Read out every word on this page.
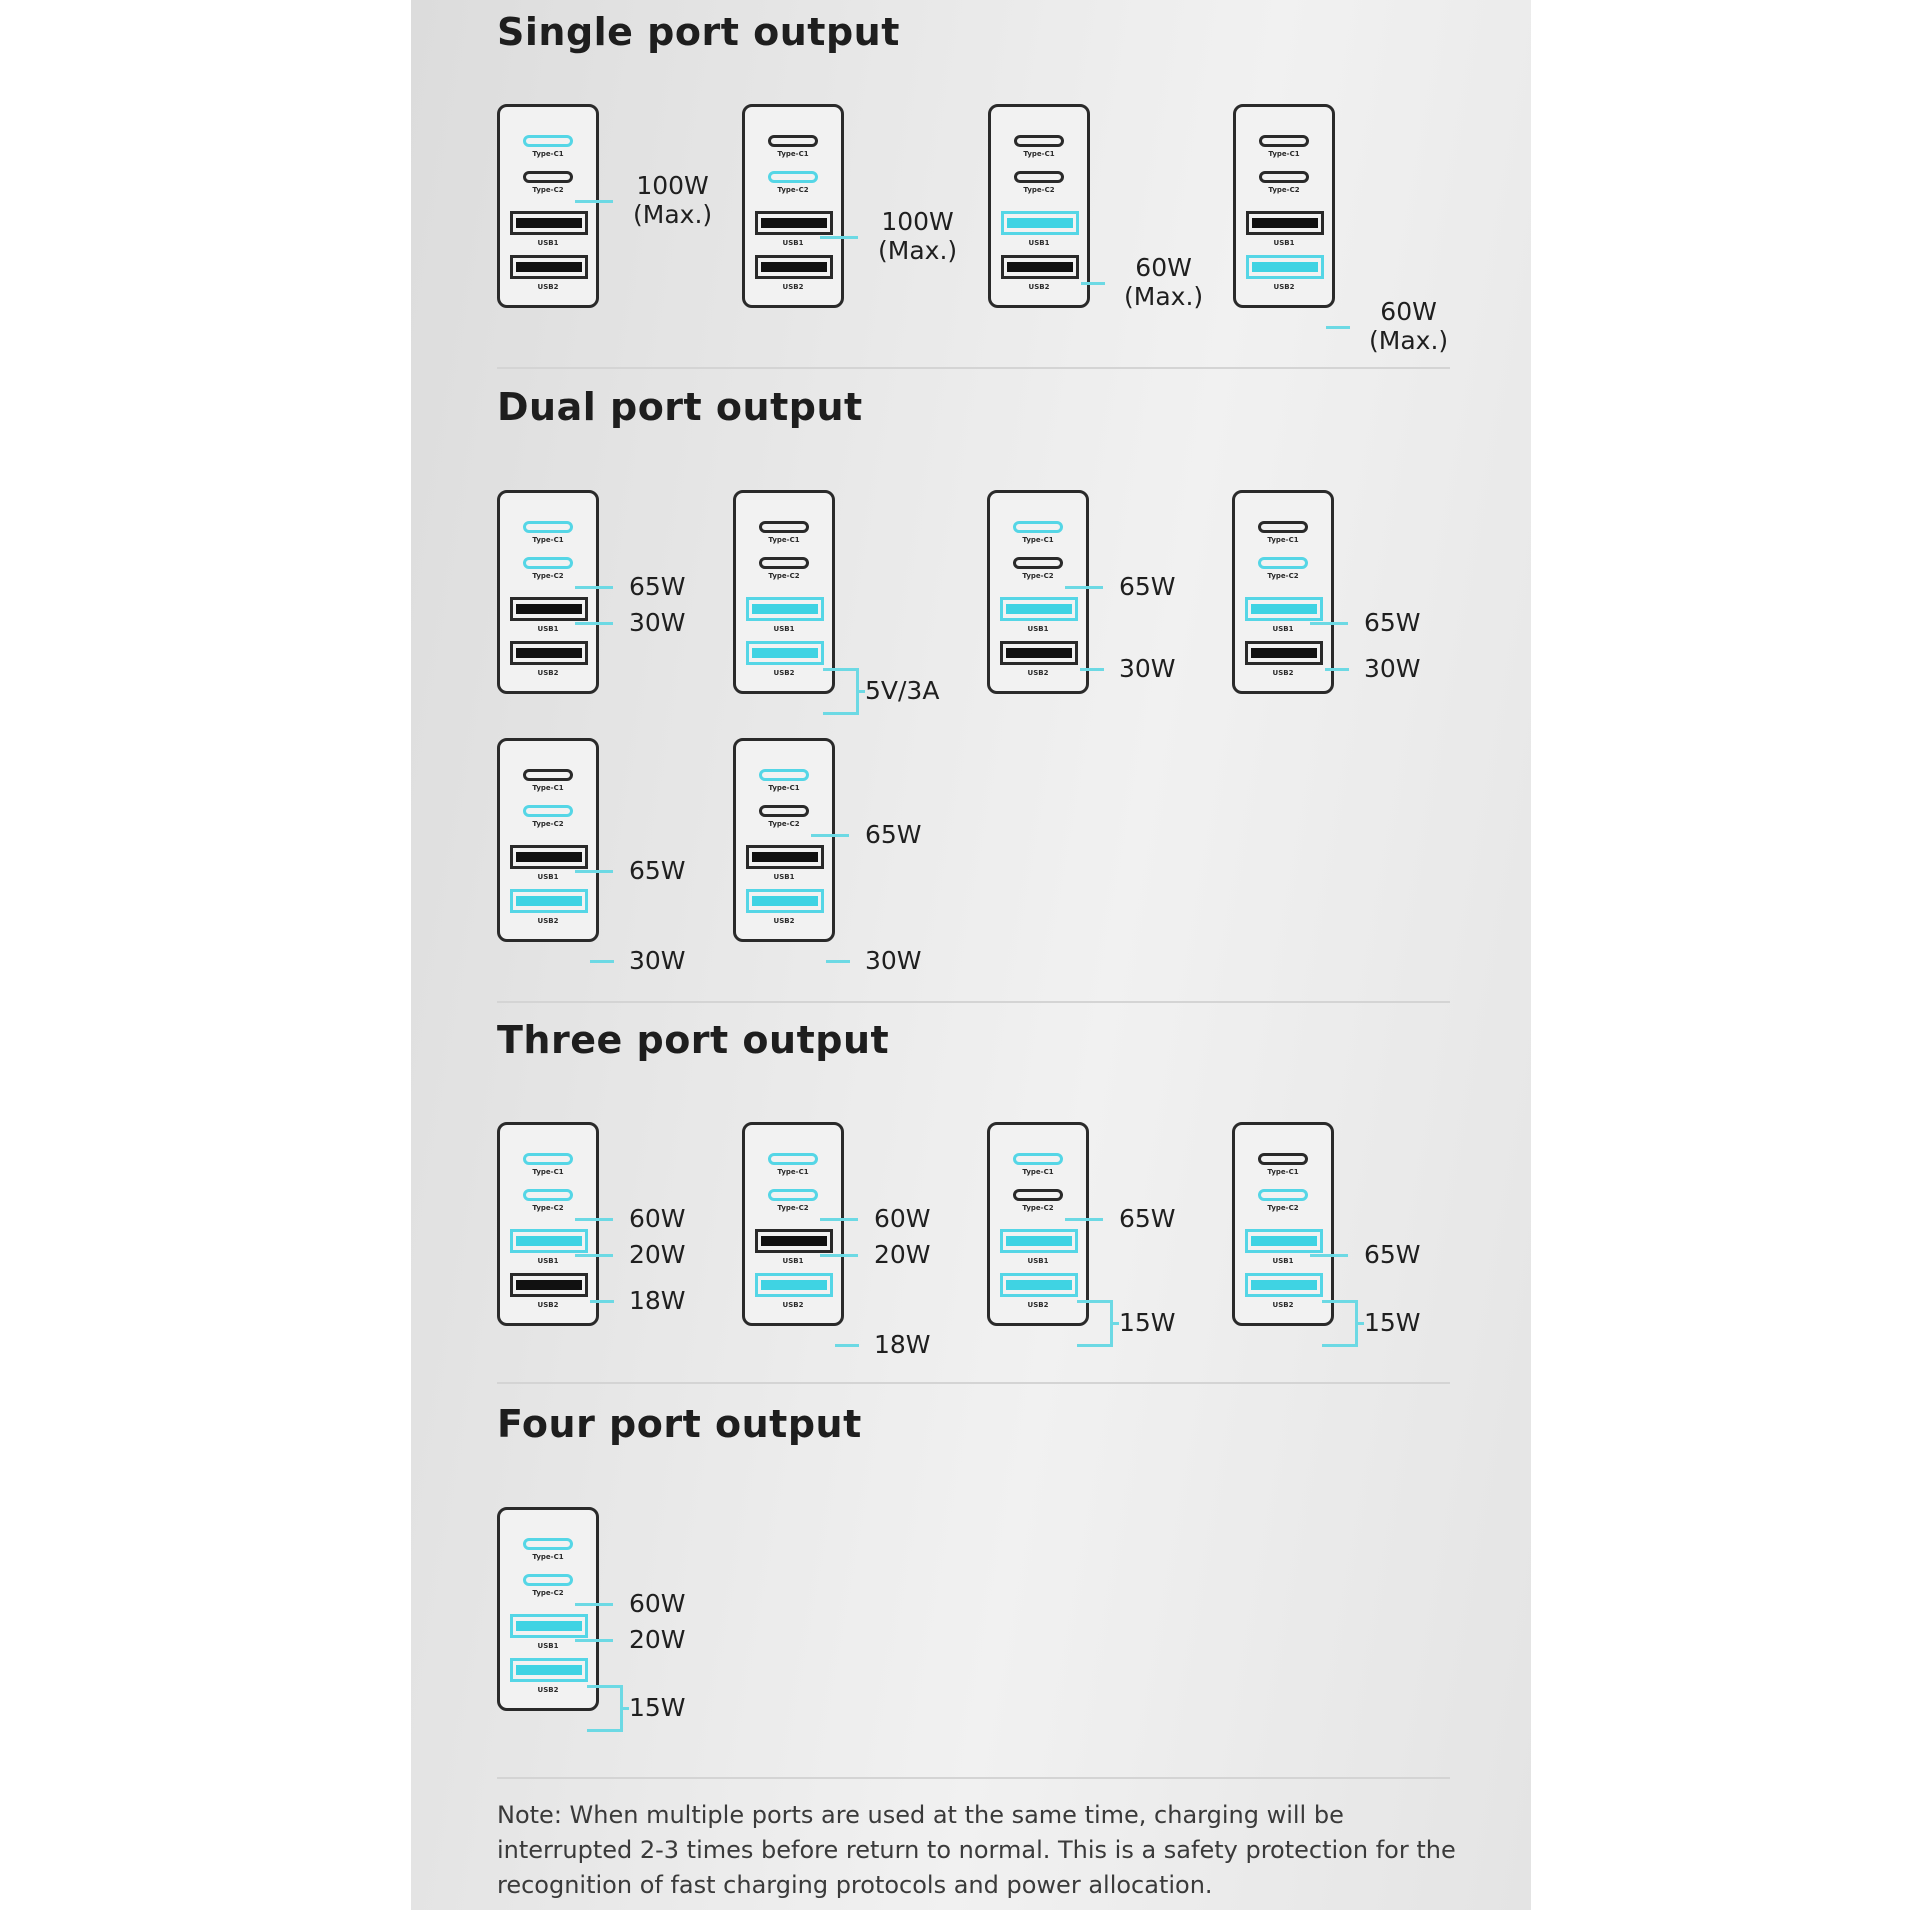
Single port output
Dual port output
Three port output
Four port output

Note: When multiple ports are used at the same time, charging will be interrupted 2-3 times before return to normal. This is a safety protection for the recognition of fast charging protocols and power allocation.

Type-C1
Type-C2
USB1
USB2
100W
(Max.)
Type-C1
Type-C2
USB1
USB2
100W
(Max.)
Type-C1
Type-C2
USB1
USB2
60W
(Max.)
Type-C1
Type-C2
USB1
USB2
60W
(Max.)
Type-C1
Type-C2
USB1
USB2
65W
30W
Type-C1
Type-C2
USB1
USB2
5V/3A
Type-C1
Type-C2
USB1
USB2
65W
30W
Type-C1
Type-C2
USB1
USB2
65W
30W
Type-C1
Type-C2
USB1
USB2
65W
30W
Type-C1
Type-C2
USB1
USB2
65W
30W
Type-C1
Type-C2
USB1
USB2
60W
20W
18W
Type-C1
Type-C2
USB1
USB2
60W
20W
18W
Type-C1
Type-C2
USB1
USB2
65W
15W
Type-C1
Type-C2
USB1
USB2
65W
15W
Type-C1
Type-C2
USB1
USB2
60W
20W
15W
